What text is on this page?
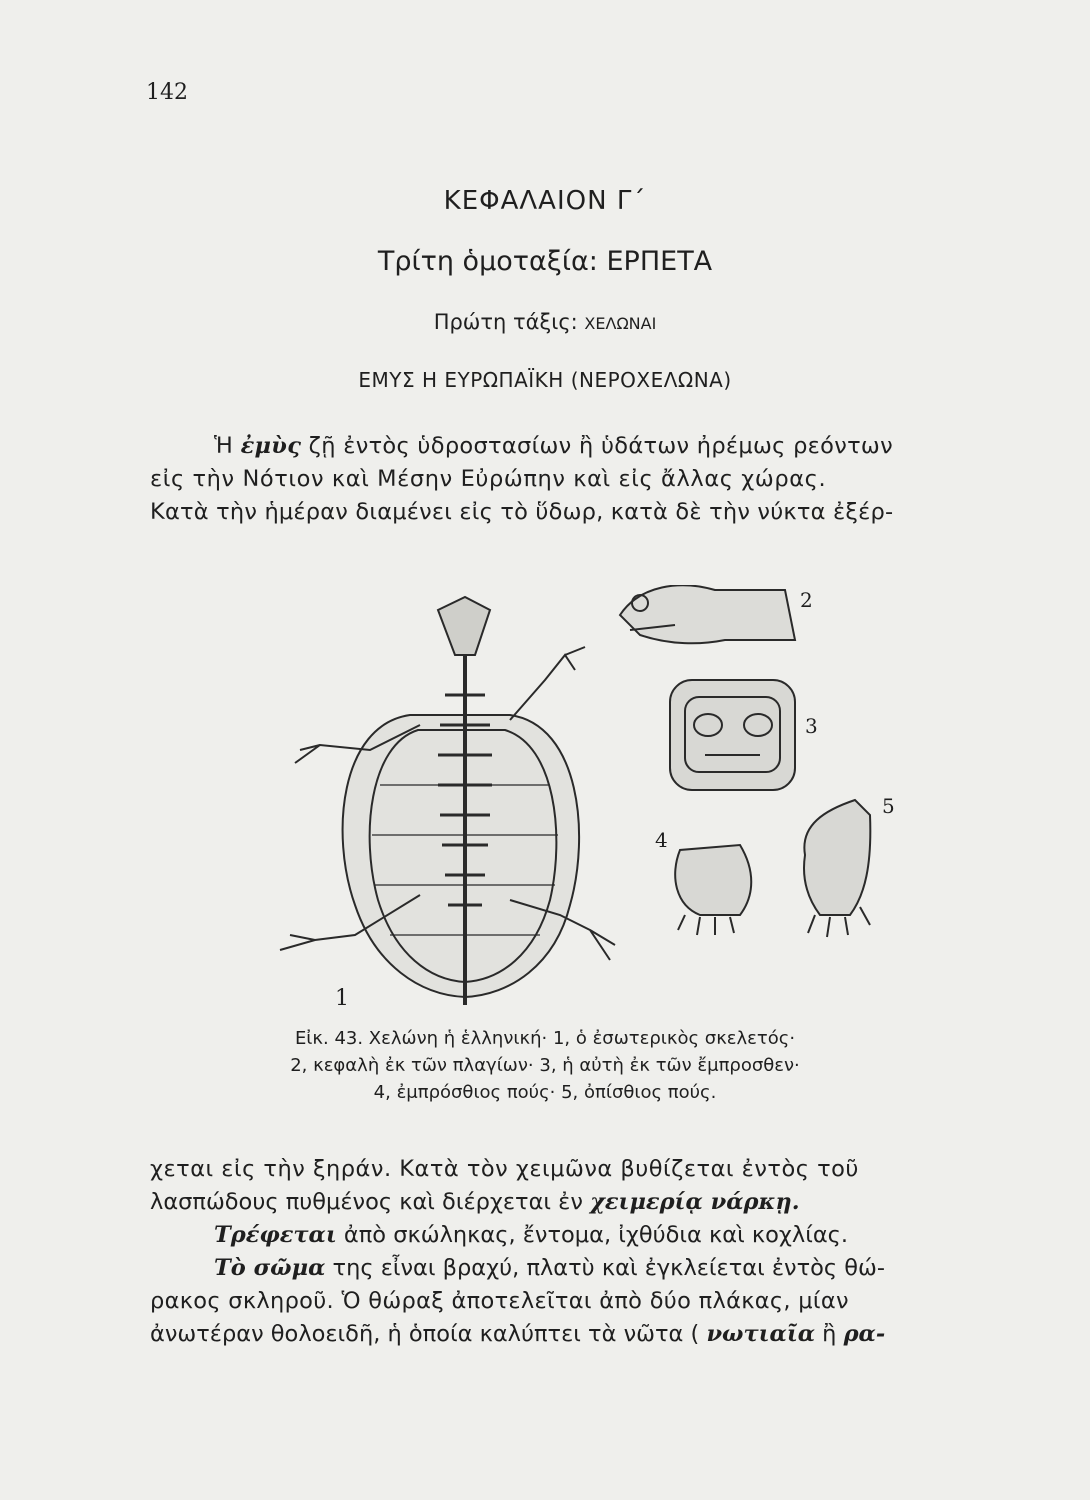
142
ΚΕΦΑΛΑΙΟΝ Γ΄
Τρίτη ὁμοταξία: ΕΡΠΕΤΑ
Πρώτη τάξις: ΧΕΛΩΝΑΙ
ΕΜΥΣ Η ΕΥΡΩΠΑΪΚΗ (ΝΕΡΟΧΕΛΩΝΑ)

Ἡ ἐμὺς ζῇ ἐντὸς ὑδροστασίων ἢ ὑδάτων ἠρέμως ρεόντων

εἰς τὴν Νότιον καὶ Μέσην Εὐρώπην καὶ εἰς ἄλλας χώρας.

Κατὰ τὴν ἡμέραν διαμένει εἰς τὸ ὕδωρ, κατὰ δὲ τὴν νύκτα ἐξέρ-

1
2
3
4
5

Εἰκ. 43. Χελώνη ἡ ἑλληνική· 1, ὁ ἐσωτερικὸς σκελετός·

2, κεφαλὴ ἐκ τῶν πλαγίων· 3, ἡ αὐτὴ ἐκ τῶν ἔμπροσθεν·

4, ἐμπρόσθιος πούς· 5, ὀπίσθιος πούς.

χεται εἰς τὴν ξηράν. Κατὰ τὸν χειμῶνα βυθίζεται ἐντὸς τοῦ

λασπώδους πυθμένος καὶ διέρχεται ἐν χειμερίᾳ νάρκῃ.

Τρέφεται ἀπὸ σκώληκας, ἔντομα, ἰχθύδια καὶ κοχλίας.

Τὸ σῶμα της εἶναι βραχύ, πλατὺ καὶ ἐγκλείεται ἐντὸς θώ-

ρακος σκληροῦ. Ὁ θώραξ ἀποτελεῖται ἀπὸ δύο πλάκας, μίαν

ἀνωτέραν θολοειδῆ, ἡ ὁποία καλύπτει τὰ νῶτα ( νωτιαῖα ἢ ρα-
